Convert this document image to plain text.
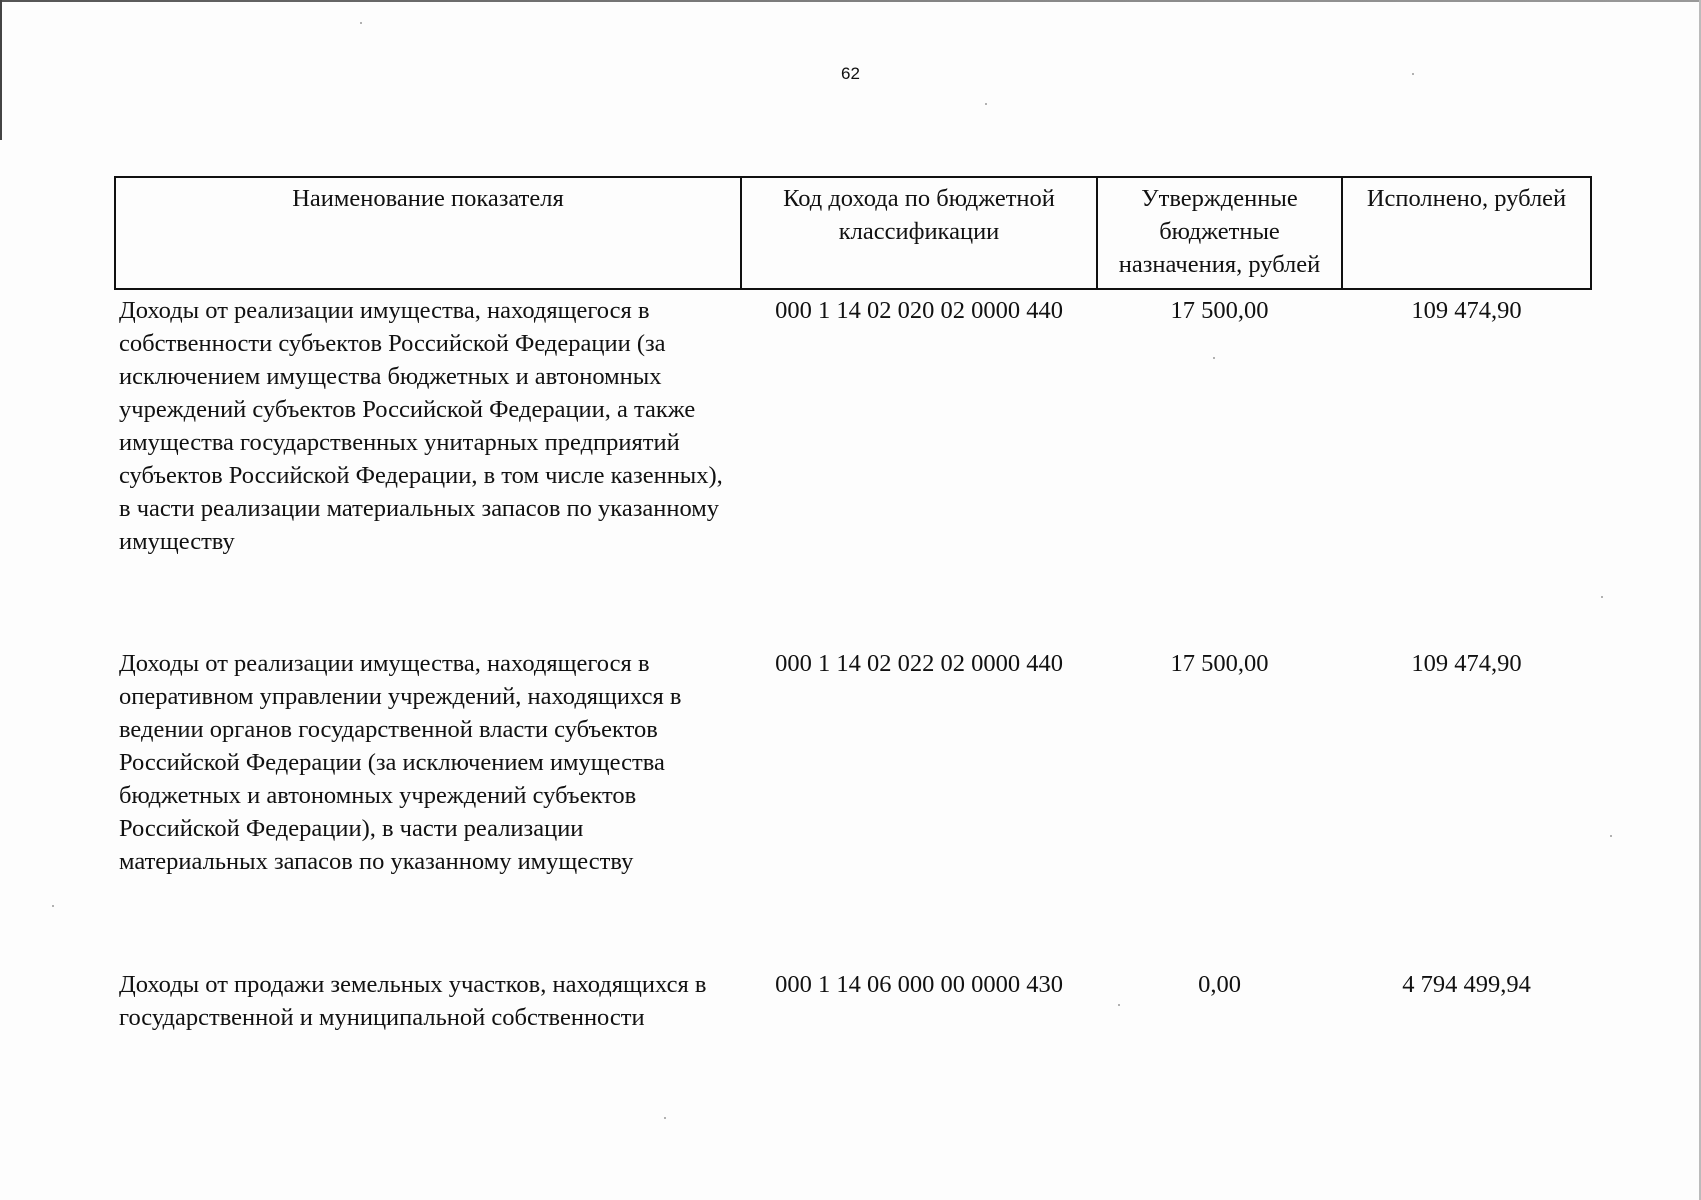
62
Наименование показателя	Код дохода по бюджетной классификации	Утвержденные бюджетные назначения, рублей	Исполнено, рублей
Доходы от реализации имущества, находящегося в собственности субъектов Российской Федерации (за исключением имущества бюджетных и автономных учреждений субъектов Российской Федерации, а также имущества государственных унитарных предприятий субъектов Российской Федерации, в том числе казенных), в части реализации материальных запасов по указанному имуществу	000 1 14 02 020 02 0000 440	17 500,00	109 474,90
Доходы от реализации имущества, находящегося в оперативном управлении учреждений, находящихся в ведении органов государственной власти субъектов Российской Федерации (за исключением имущества бюджетных и автономных учреждений субъектов Российской Федерации), в части реализации материальных запасов по указанному имуществу	000 1 14 02 022 02 0000 440	17 500,00	109 474,90
Доходы от продажи земельных участков, находящихся в государственной и муниципальной собственности	000 1 14 06 000 00 0000 430	0,00	4 794 499,94
